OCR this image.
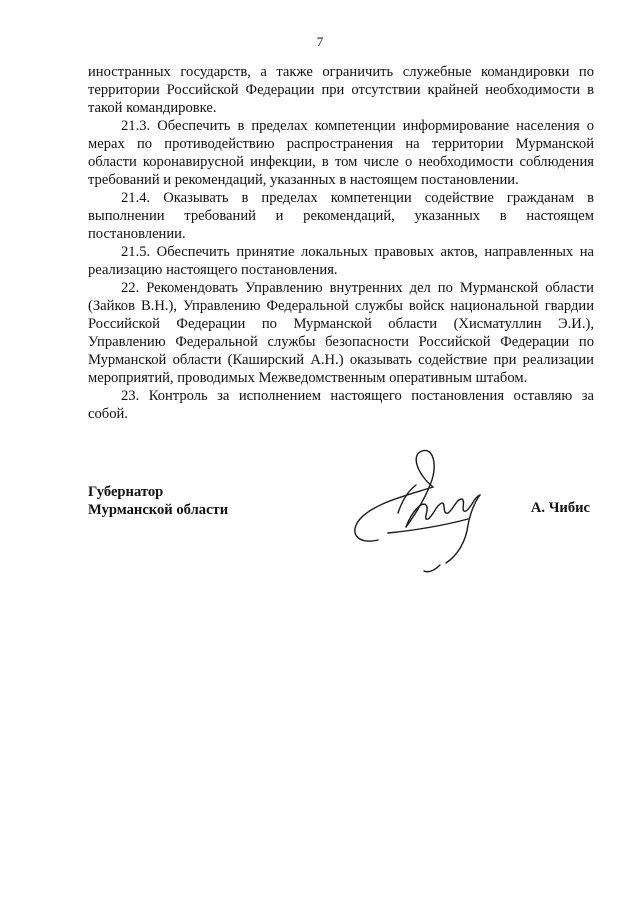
7

иностранных государств, а также ограничить служебные командировки по территории Российской Федерации при отсутствии крайней необходимости в такой командировке.

21.3. Обеспечить в пределах компетенции информирование населения о мерах по противодействию распространения на территории Мурманской области коронавирусной инфекции, в том числе о необходимости соблюдения требований и рекомендаций, указанных в настоящем постановлении.

21.4. Оказывать в пределах компетенции содействие гражданам в выполнении требований и рекомендаций, указанных в настоящем постановлении.

21.5. Обеспечить принятие локальных правовых актов, направленных на реализацию настоящего постановления.

22. Рекомендовать Управлению внутренних дел по Мурманской области (Зайков В.Н.), Управлению Федеральной службы войск национальной гвардии Российской Федерации по Мурманской области (Хисматуллин Э.И.), Управлению Федеральной службы безопасности Российской Федерации по Мурманской области (Каширский А.Н.) оказывать содействие при реализации мероприятий, проводимых Межведомственным оперативным штабом.

23. Контроль за исполнением настоящего постановления оставляю за собой.

Губернатор
Мурманской области	А. Чибис
